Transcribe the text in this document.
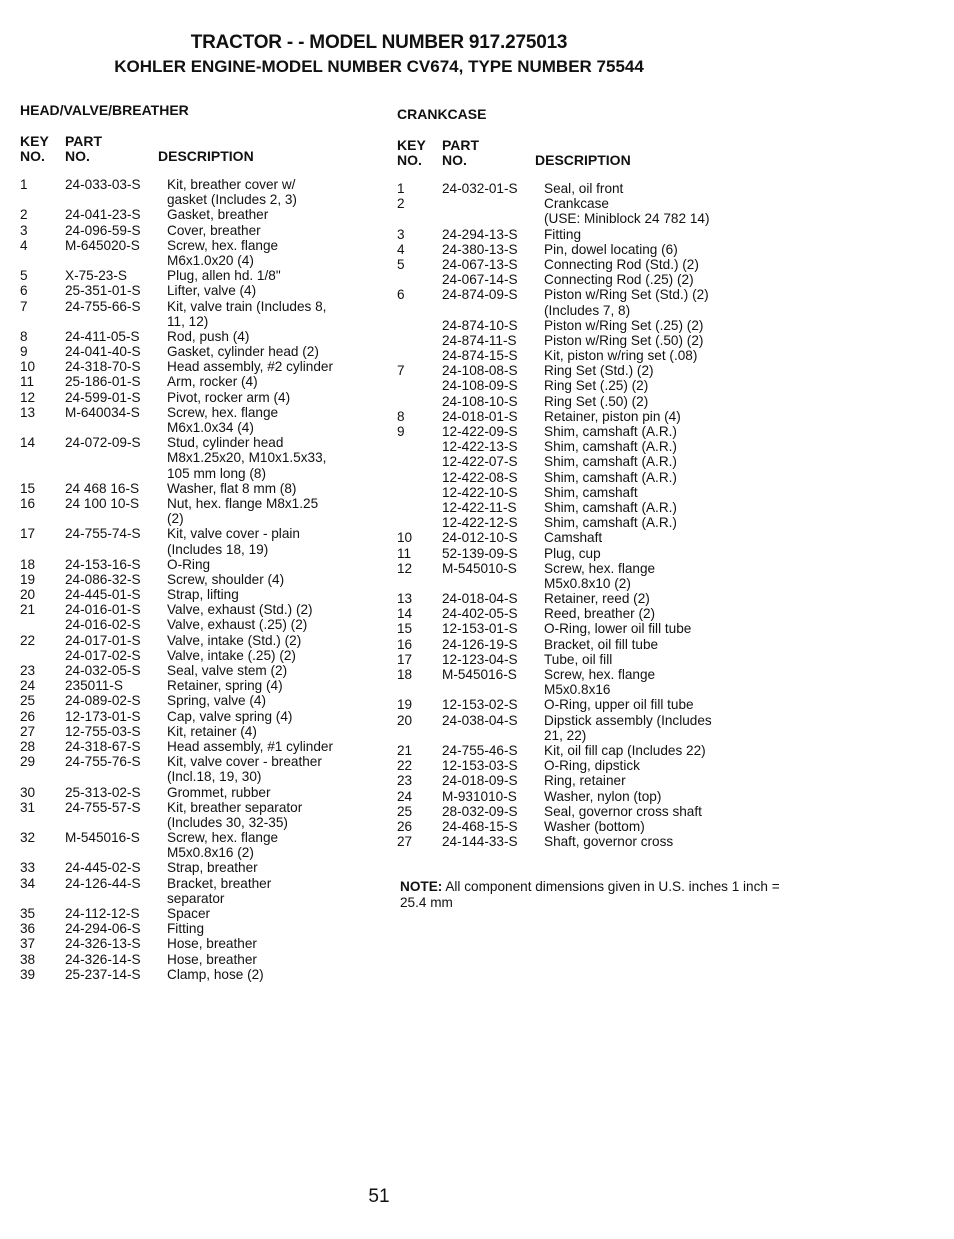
TRACTOR - - MODEL NUMBER 917.275013
KOHLER ENGINE-MODEL NUMBER CV674, TYPE NUMBER 75544
HEAD/VALVE/BREATHER
KEY PART
NO. NO.	DESCRIPTION
1	24-033-03-S Kit, breather cover w/
gasket (Includes 2, 3)
2	24-041-23-S Gasket, breather
3	24-096-59-S Cover, breather
4	M-645020-S Screw, hex. flange
M6x1.0x20 (4)
5	X-75-23-S	Plug, allen hd. 1/8"
6	25-351-01-S Lifter, valve (4)
7	24-755-66-S Kit, valve train (Includes 8,
11, 12)
8	24-411-05-S Rod, push (4)
9	24-041-40-S Gasket, cylinder head (2)
10 24-318-70-S Head assembly, #2 cylinder
11 25-186-01-S Arm, rocker (4)
12 24-599-01-S Pivot, rocker arm (4)
13 M-640034-S Screw, hex. flange
M6x1.0x34 (4)
14 24-072-09-S Stud, cylinder head
M8x1.25x20, M10x1.5x33,
105 mm long (8)
15 24 468 16-S Washer, flat 8 mm (8)
16 24 100 10-S Nut, hex. flange M8x1.25
(2)
17 24-755-74-S Kit, valve cover - plain
(Includes 18, 19)
18 24-153-16-S O-Ring
19 24-086-32-S Screw, shoulder (4)
20 24-445-01-S Strap, lifting
21 24-016-01-S Valve, exhaust (Std.) (2)
24-016-02-S Valve, exhaust (.25) (2)
22 24-017-01-S Valve, intake (Std.) (2)
24-017-02-S Valve, intake (.25) (2)
23 24-032-05-S Seal, valve stem (2)
24 235011-S	Retainer, spring (4)
25 24-089-02-S Spring, valve (4)
26 12-173-01-S Cap, valve spring (4)
27 12-755-03-S Kit, retainer (4)
28 24-318-67-S Head assembly, #1 cylinder
29 24-755-76-S Kit, valve cover - breather
(Incl.18, 19, 30)
30 25-313-02-S Grommet, rubber
31 24-755-57-S Kit, breather separator
(Includes 30, 32-35)
32 M-545016-S Screw, hex. flange
M5x0.8x16 (2)
33 24-445-02-S Strap, breather
34 24-126-44-S Bracket, breather
separator
35 24-112-12-S Spacer
36 24-294-06-S Fitting
37 24-326-13-S Hose, breather
38 24-326-14-S Hose, breather
39 25-237-14-S Clamp, hose (2)
CRANKCASE
KEY PART
NO. NO.	DESCRIPTION
1	24-032-01-S Seal, oil front
2	Crankcase
(USE: Miniblock 24 782 14)
3	24-294-13-S Fitting
4	24-380-13-S Pin, dowel locating (6)
5	24-067-13-S Connecting Rod (Std.) (2)
24-067-14-S Connecting Rod (.25) (2)
6	24-874-09-S Piston w/Ring Set (Std.) (2)
(Includes 7, 8)
24-874-10-S Piston w/Ring Set (.25) (2)
24-874-11-S Piston w/Ring Set (.50) (2)
24-874-15-S Kit, piston w/ring set (.08)
7	24-108-08-S Ring Set (Std.) (2)
24-108-09-S Ring Set (.25) (2)
24-108-10-S Ring Set (.50) (2)
8	24-018-01-S Retainer, piston pin (4)
9	12-422-09-S Shim, camshaft (A.R.)
12-422-13-S Shim, camshaft (A.R.)
12-422-07-S Shim, camshaft (A.R.)
12-422-08-S Shim, camshaft (A.R.)
12-422-10-S Shim, camshaft
12-422-11-S Shim, camshaft (A.R.)
12-422-12-S Shim, camshaft (A.R.)
10 24-012-10-S Camshaft
11 52-139-09-S Plug, cup
12 M-545010-S Screw, hex. flange
M5x0.8x10 (2)
13 24-018-04-S Retainer, reed (2)
14 24-402-05-S Reed, breather (2)
15 12-153-01-S O-Ring, lower oil fill tube
16 24-126-19-S Bracket, oil fill tube
17 12-123-04-S Tube, oil fill
18 M-545016-S Screw, hex. flange
M5x0.8x16
19 12-153-02-S O-Ring, upper oil fill tube
20 24-038-04-S Dipstick assembly (Includes
21, 22)
21 24-755-46-S Kit, oil fill cap (Includes 22)
22 12-153-03-S O-Ring, dipstick
23 24-018-09-S Ring, retainer
24 M-931010-S Washer, nylon (top)
25 28-032-09-S Seal, governor cross shaft
26 24-468-15-S Washer (bottom)
27 24-144-33-S Shaft, governor cross
NOTE: All component dimensions given in U.S. inches 1 inch = 25.4 mm
51
